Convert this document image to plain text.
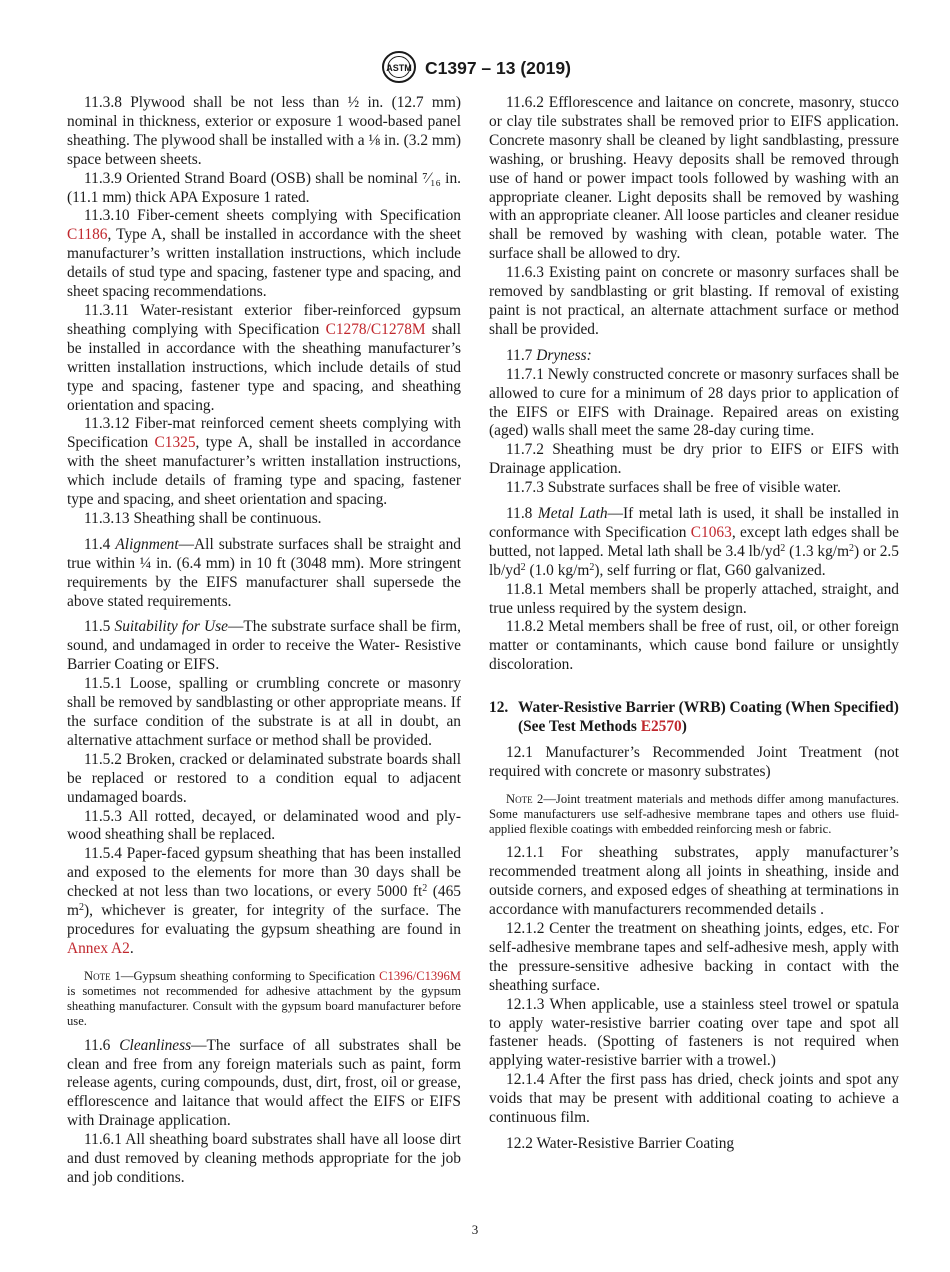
ASTM C1397 – 13 (2019)

11.3.8 Plywood shall be not less than ½ in. (12.7 mm) nominal in thickness, exterior or exposure 1 wood-based panel sheathing. The plywood shall be installed with a ⅛ in. (3.2 mm) space between sheets.

11.3.9 Oriented Strand Board (OSB) shall be nominal ⁷⁄₁₆ in. (11.1 mm) thick APA Exposure 1 rated.

11.3.10 Fiber-cement sheets complying with Specification C1186, Type A, shall be installed in accordance with the sheet manufacturer’s written installation instructions, which include details of stud type and spacing, fastener type and spacing, and sheet spacing recommendations.

11.3.11 Water-resistant exterior fiber-reinforced gypsum sheathing complying with Specification C1278/C1278M shall be installed in accordance with the sheathing manufacturer’s written installation instructions, which include details of stud type and spacing, fastener type and spacing, and sheathing orientation and spacing.

11.3.12 Fiber-mat reinforced cement sheets complying with Specification C1325, type A, shall be installed in accordance with the sheet manufacturer’s written installation instructions, which include details of framing type and spacing, fastener type and spacing, and sheet orientation and spacing.

11.3.13 Sheathing shall be continuous.

11.4 Alignment—All substrate surfaces shall be straight and true within ¼ in. (6.4 mm) in 10 ft (3048 mm). More stringent requirements by the EIFS manufacturer shall supersede the above stated requirements.

11.5 Suitability for Use—The substrate surface shall be firm, sound, and undamaged in order to receive the Water- Resistive Barrier Coating or EIFS.

11.5.1 Loose, spalling or crumbling concrete or masonry shall be removed by sandblasting or other appropriate means. If the surface condition of the substrate is at all in doubt, an alternative attachment surface or method shall be provided.

11.5.2 Broken, cracked or delaminated substrate boards shall be replaced or restored to a condition equal to adjacent undamaged boards.

11.5.3 All rotted, decayed, or delaminated wood and ply-wood sheathing shall be replaced.

11.5.4 Paper-faced gypsum sheathing that has been installed and exposed to the elements for more than 30 days shall be checked at not less than two locations, or every 5000 $ft^2$ (465 $m^2$), whichever is greater, for integrity of the surface. The procedures for evaluating the gypsum sheathing are found in Annex A2.

Note 1—Gypsum sheathing conforming to Specification C1396/C1396M is sometimes not recommended for adhesive attachment by the gypsum sheathing manufacturer. Consult with the gypsum board manufacturer before use.

11.6 Cleanliness—The surface of all substrates shall be clean and free from any foreign materials such as paint, form release agents, curing compounds, dust, dirt, frost, oil or grease, efflorescence and laitance that would affect the EIFS or EIFS with Drainage application.

11.6.1 All sheathing board substrates shall have all loose dirt and dust removed by cleaning methods appropriate for the job and job conditions.

11.6.2 Efflorescence and laitance on concrete, masonry, stucco or clay tile substrates shall be removed prior to EIFS application. Concrete masonry shall be cleaned by light sandblasting, pressure washing, or brushing. Heavy deposits shall be removed through use of hand or power impact tools followed by washing with an appropriate cleaner. Light deposits shall be removed by washing with an appropriate cleaner. All loose particles and cleaner residue shall be removed by washing with clean, potable water. The surface shall be allowed to dry.

11.6.3 Existing paint on concrete or masonry surfaces shall be removed by sandblasting or grit blasting. If removal of existing paint is not practical, an alternate attachment surface or method shall be provided.

11.7 Dryness:

11.7.1 Newly constructed concrete or masonry surfaces shall be allowed to cure for a minimum of 28 days prior to application of the EIFS or EIFS with Drainage. Repaired areas on existing (aged) walls shall meet the same 28-day curing time.

11.7.2 Sheathing must be dry prior to EIFS or EIFS with Drainage application.

11.7.3 Substrate surfaces shall be free of visible water.

11.8 Metal Lath—If metal lath is used, it shall be installed in conformance with Specification C1063, except lath edges shall be butted, not lapped. Metal lath shall be 3.4 $lb/yd^2$ (1.3 $kg/m^2$) or 2.5 $lb/yd^2$ (1.0 $kg/m^2$), self furring or flat, G60 galvanized.

11.8.1 Metal members shall be properly attached, straight, and true unless required by the system design.

11.8.2 Metal members shall be free of rust, oil, or other foreign matter or contaminants, which cause bond failure or unsightly discoloration.

12. Water-Resistive Barrier (WRB) Coating (When Specified) (See Test Methods E2570)

12.1 Manufacturer’s Recommended Joint Treatment (not required with concrete or masonry substrates)

Note 2—Joint treatment materials and methods differ among manufactures. Some manufacturers use self-adhesive membrane tapes and others use fluid-applied flexible coatings with embedded reinforcing mesh or fabric.

12.1.1 For sheathing substrates, apply manufacturer’s recommended treatment along all joints in sheathing, inside and outside corners, and exposed edges of sheathing at terminations in accordance with manufacturers recommended details .

12.1.2 Center the treatment on sheathing joints, edges, etc. For self-adhesive membrane tapes and self-adhesive mesh, apply with the pressure-sensitive adhesive backing in contact with the sheathing surface.

12.1.3 When applicable, use a stainless steel trowel or spatula to apply water-resistive barrier coating over tape and spot all fastener heads. (Spotting of fasteners is not required when applying water-resistive barrier with a trowel.)

12.1.4 After the first pass has dried, check joints and spot any voids that may be present with additional coating to achieve a continuous film.

12.2 Water-Resistive Barrier Coating

3
